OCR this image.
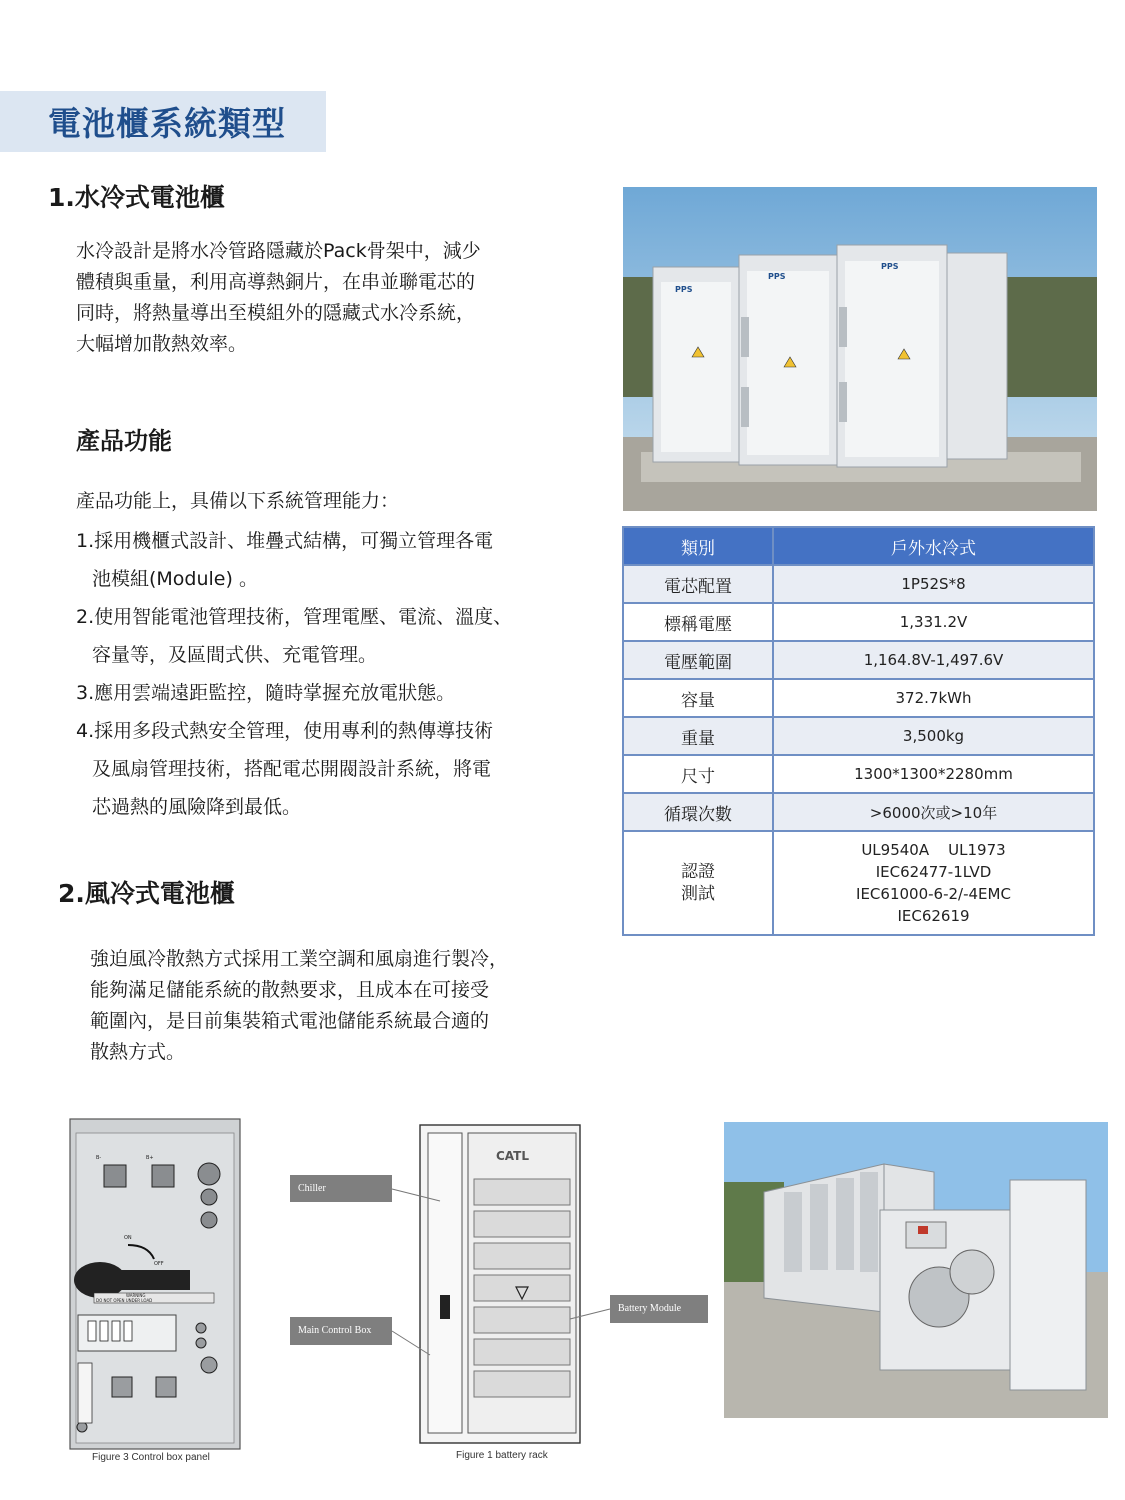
電池櫃系統類型
1.水冷式電池櫃
水冷設計是將水冷管路隱藏於Pack骨架中，減少
體積與重量，利用高導熱銅片，在串並聯電芯的
同時，將熱量導出至模組外的隱藏式水冷系統，
大幅增加散熱效率。
產品功能
產品功能上，具備以下系統管理能力：
1.採用機櫃式設計、堆疊式結構，可獨立管理各電
池模組(Module) 。
2.使用智能電池管理技術，管理電壓、電流、溫度、
容量等，及區間式供、充電管理。
3.應用雲端遠距監控，隨時掌握充放電狀態。
4.採用多段式熱安全管理，使用專利的熱傳導技術
及風扇管理技術，搭配電芯開閥設計系統，將電
芯過熱的風險降到最低。
2.風冷式電池櫃
強迫風冷散熱方式採用工業空調和風扇進行製冷，
能夠滿足儲能系統的散熱要求，且成本在可接受
範圍內，是目前集裝箱式電池儲能系統最合適的
散熱方式。
PPS
PPS
PPS
類別	戶外水冷式
電芯配置	1P52S*8
標稱電壓	1,331.2V
電壓範圍	1,164.8V-1,497.6V
容量	372.7kWh
重量	3,500kg
尺寸	1300*1300*2280mm
循環次數	>6000次或>10年

認證
測試	UL9540A    UL1973
IEC62477-1LVD
IEC61000-6-2/-4EMC
IEC62619
B-	B+
ON
OFF
WARNING
DO NOT OPEN UNDER LOAD
Figure 3 Control box panel
CATL
Chiller
Main Control Box
Battery Module
Figure 1 battery rack
